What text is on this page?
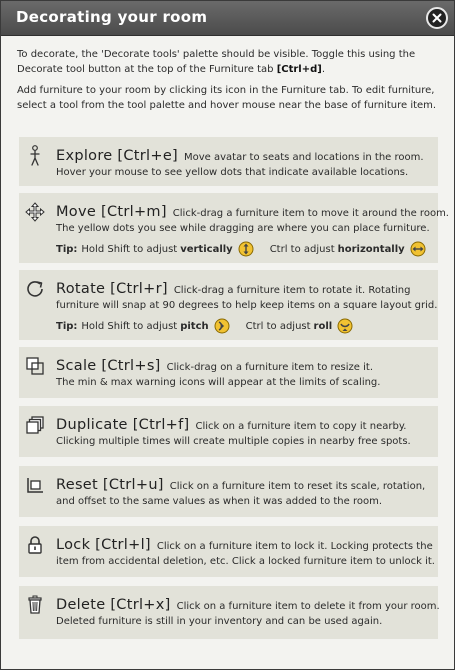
Decorating your room

To decorate, the 'Decorate tools' palette should be visible. Toggle this using the Decorate tool button at the top of the Furniture tab [Ctrl+d].

Add furniture to your room by clicking its icon in the Furniture tab. To edit furniture, select a tool from the tool palette and hover mouse near the base of furniture item.

Explore [Ctrl+e] Move avatar to seats and locations in the room.
Hover your mouse to see yellow dots that indicate available locations.
Move [Ctrl+m] Click-drag a furniture item to move it around the room.
The yellow dots you see while dragging are where you can place furniture.
Tip: Hold Shift to adjust vertically	Ctrl to adjust horizontally
Rotate [Ctrl+r] Click-drag a furniture item to rotate it. Rotating
furniture will snap at 90 degrees to help keep items on a square layout grid.
Tip: Hold Shift to adjust pitch	Ctrl to adjust roll
Scale [Ctrl+s] Click-drag on a furniture item to resize it.
The min & max warning icons will appear at the limits of scaling.
Duplicate [Ctrl+f] Click on a furniture item to copy it nearby.
Clicking multiple times will create multiple copies in nearby free spots.
Reset [Ctrl+u] Click on a furniture item to reset its scale, rotation,
and offset to the same values as when it was added to the room.
Lock [Ctrl+l] Click on a furniture item to lock it. Locking protects the
item from accidental deletion, etc. Click a locked furniture item to unlock it.
Delete [Ctrl+x] Click on a furniture item to delete it from your room.
Deleted furniture is still in your inventory and can be used again.
